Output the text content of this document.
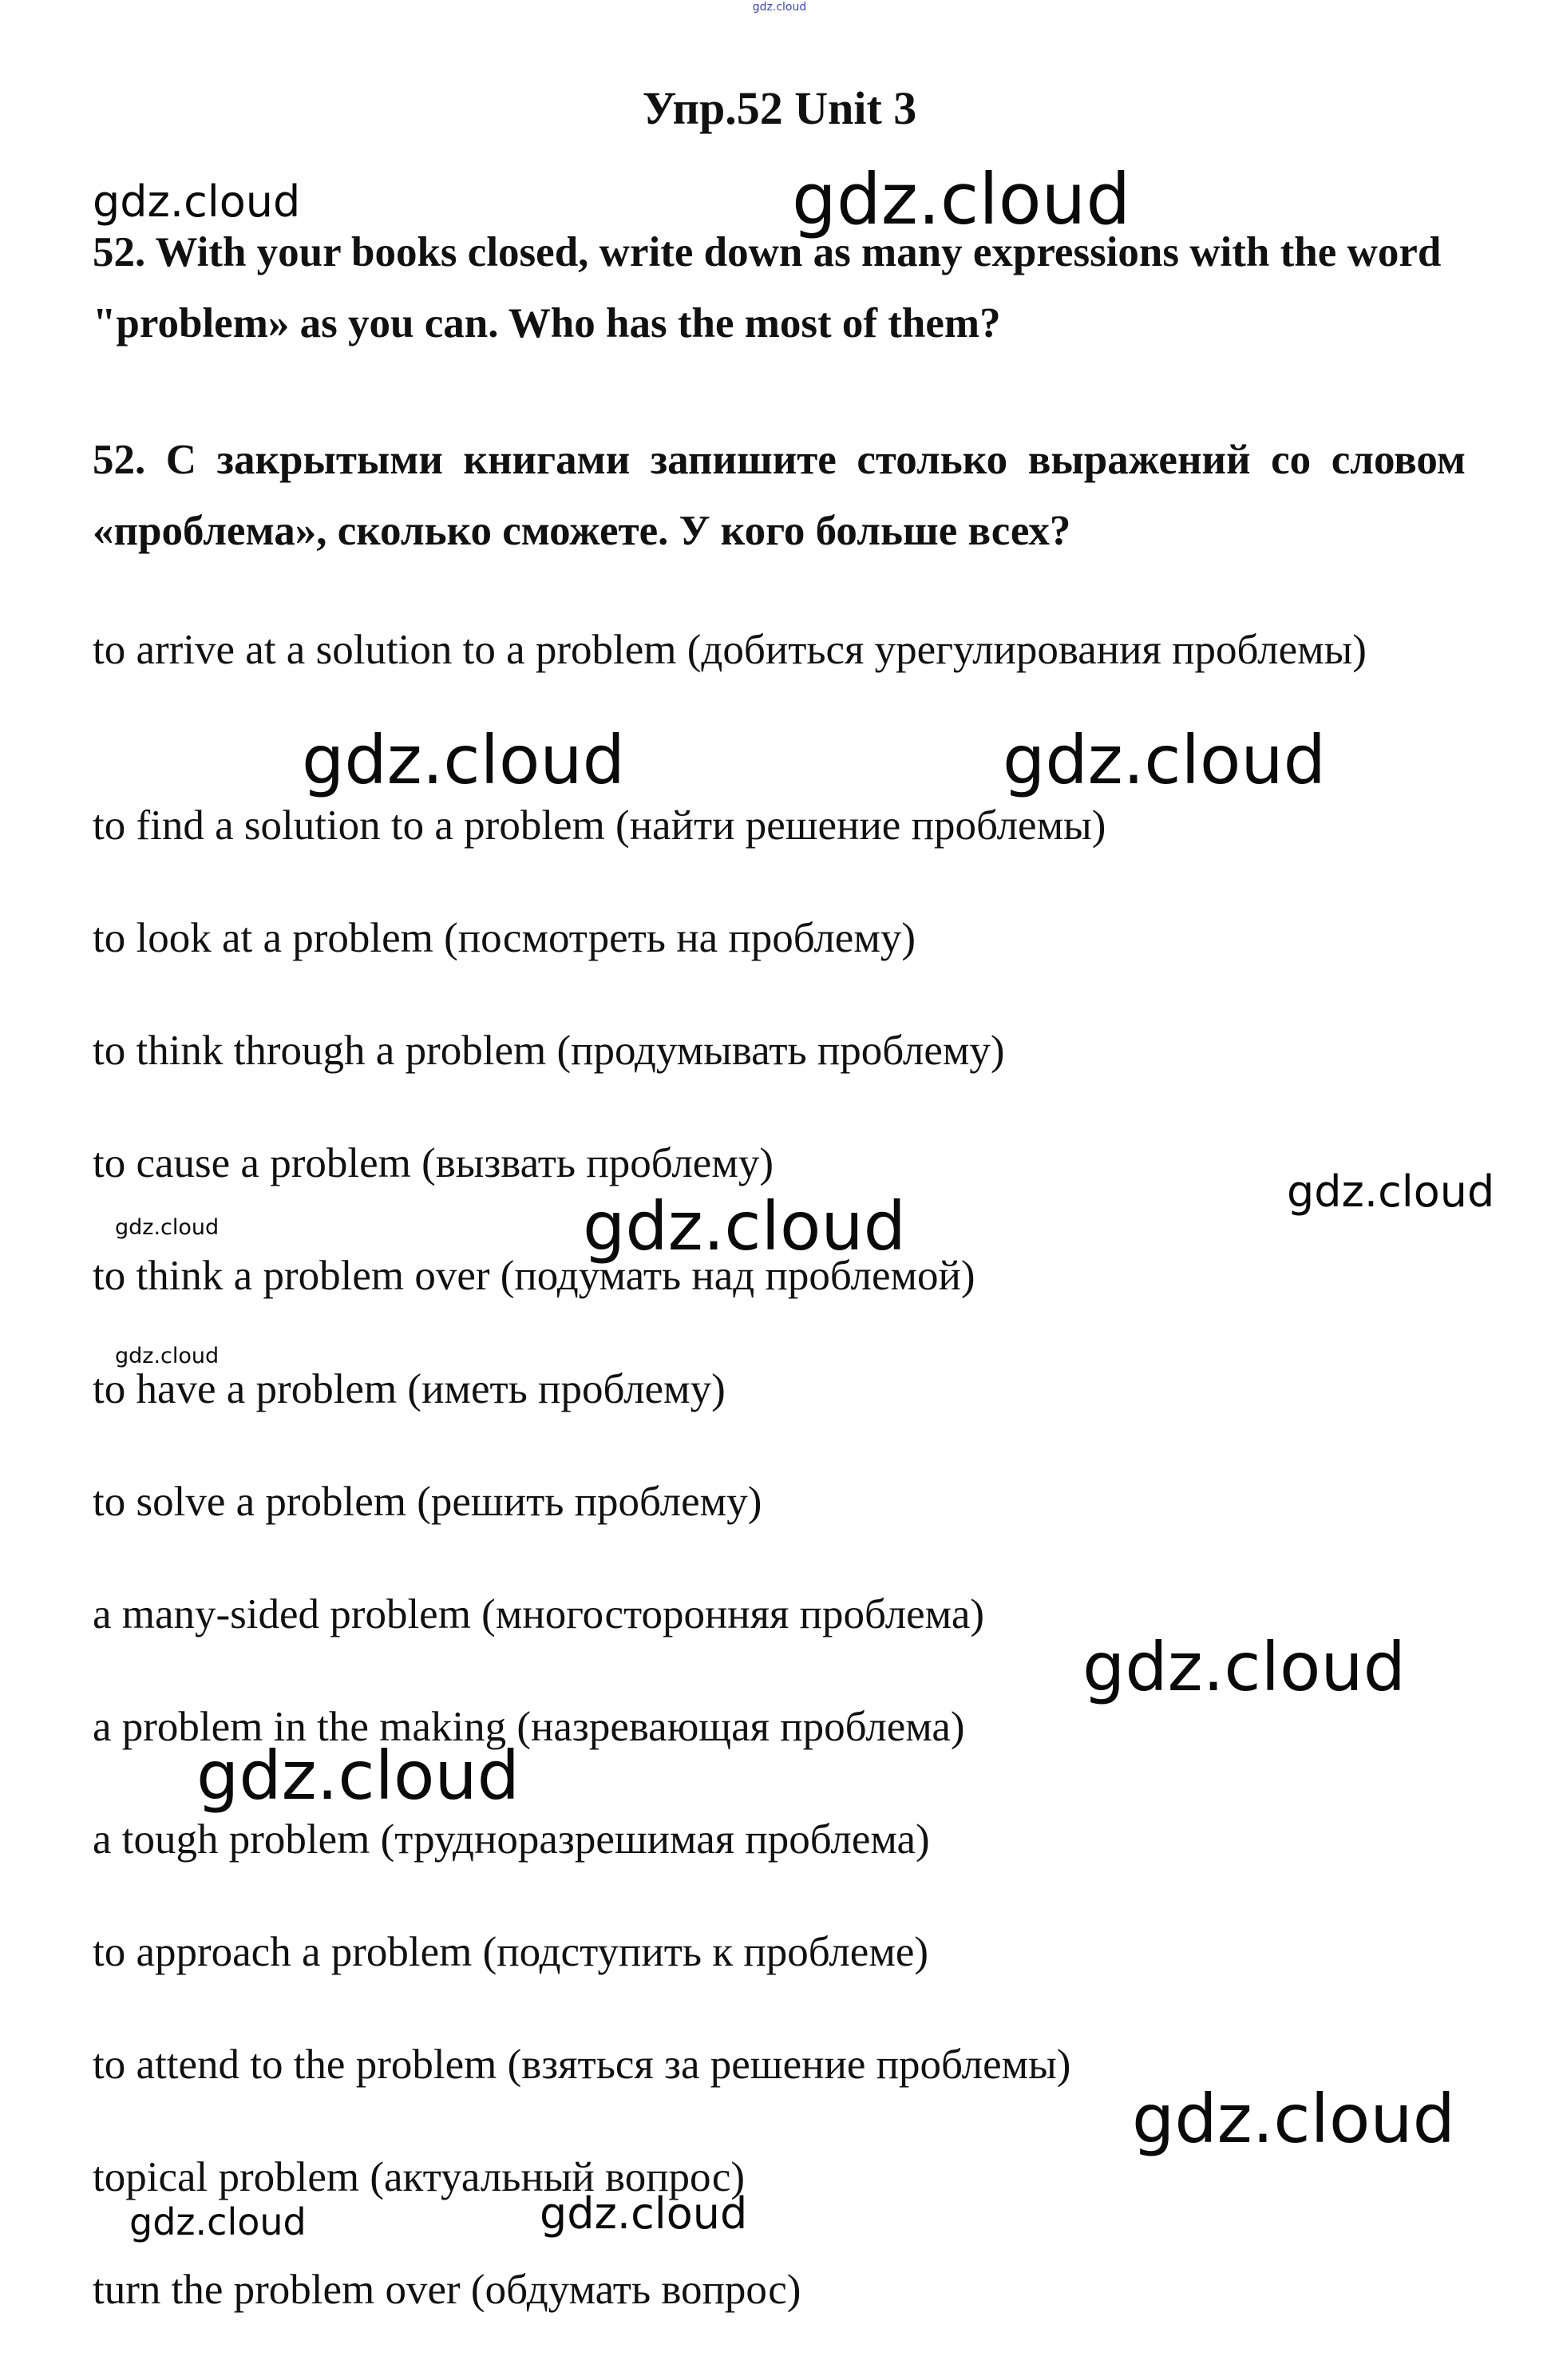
gdz.cloud
Упр.52 Unit 3

52. With your books closed, write down as many expressions with the word "problem» as you can. Who has the most of them?

52. С закрытыми книгами запишите столько выражений со словом «проблема», сколько сможете. У кого больше всех?

to arrive at a solution to a problem (добиться урегулирования проблемы)

to find a solution to a problem (найти решение проблемы)

to look at a problem (посмотреть на проблему)

to think through a problem (продумывать проблему)

to cause a problem (вызвать проблему)

to think a problem over (подумать над проблемой)

to have a problem (иметь проблему)

to solve a problem (решить проблему)

a many-sided problem (многосторонняя проблема)

a problem in the making (назревающая проблема)

a tough problem (трудноразрешимая проблема)

to approach a problem (подступить к проблеме)

to attend to the problem (взяться за решение проблемы)

topical problem (актуальный вопрос)

turn the problem over (обдумать вопрос)

gdz.cloud	gdz.cloud
gdz.cloud	gdz.cloud
gdz.cloud
gdz.cloud	gdz.cloud
gdz.cloud
gdz.cloud
gdz.cloud
gdz.cloud
gdz.cloud	gdz.cloud
